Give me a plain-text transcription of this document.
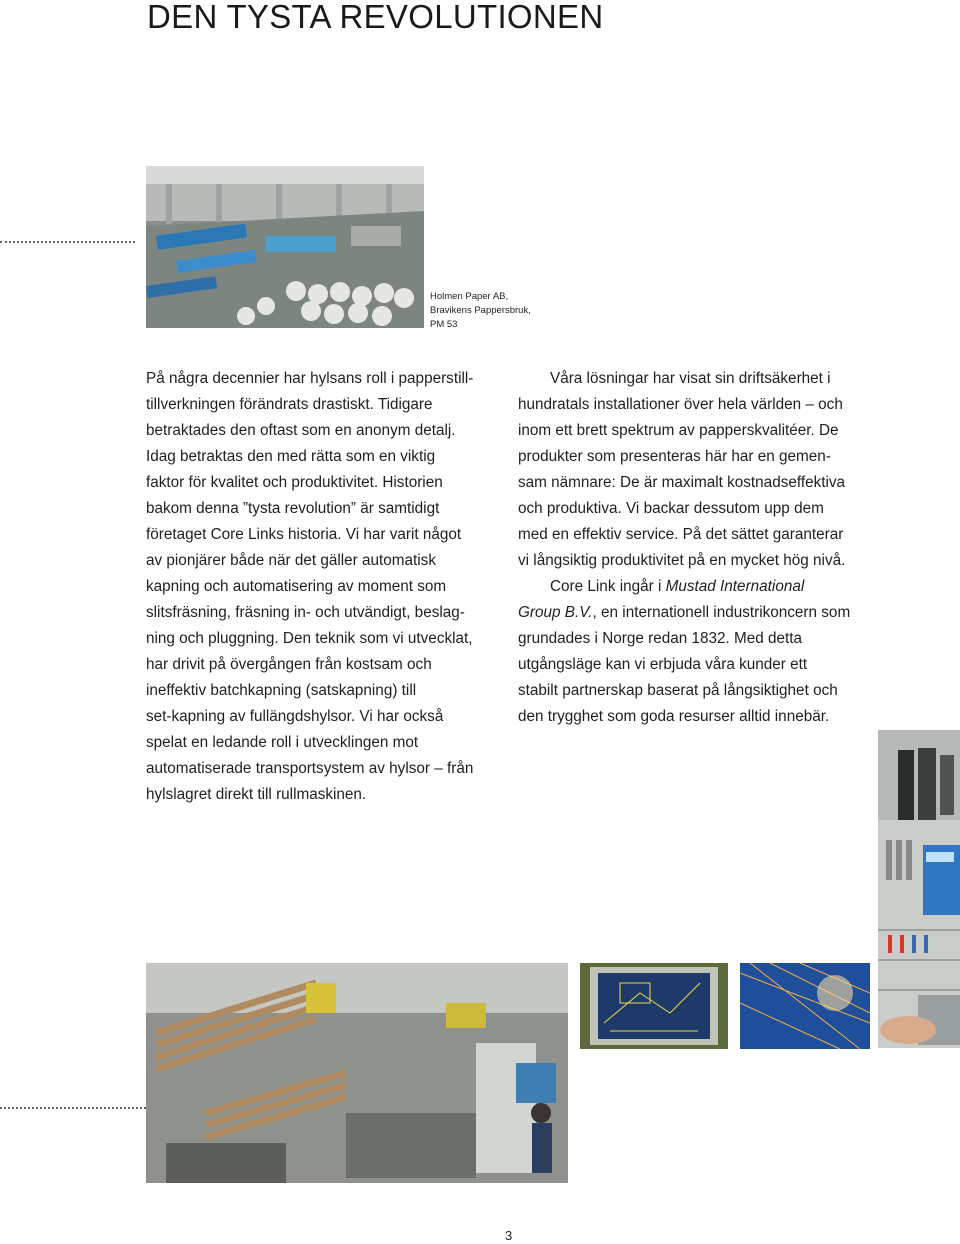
DEN TYSTA REVOLUTIONEN
Holmen Paper AB,
Bravikens Pappersbruk,
PM 53
På några decennier har hylsans roll i papperstill-
tillverkningen förändrats drastiskt. Tidigare
betraktades den oftast som en anonym detalj.
Idag betraktas den med rätta som en viktig
faktor för kvalitet och produktivitet. Historien
bakom denna ”tysta revolution” är samtidigt
företaget Core Links historia. Vi har varit något
av pionjärer både när det gäller automatisk
kapning och automatisering av moment som
slitsfräsning, fräsning in- och utvändigt, beslag-
ning och pluggning. Den teknik som vi utvecklat,
har drivit på övergången från kostsam och
ineffektiv batchkapning (satskapning) till
set-kapning av fullängdshylsor. Vi har också
spelat en ledande roll i utvecklingen mot
automatiserade transportsystem av hylsor – från
hylslagret direkt till rullmaskinen.
Våra lösningar har visat sin driftsäkerhet i
hundratals installationer över hela världen – och
inom ett brett spektrum av papperskvalitéer. De
produkter som presenteras här har en gemen-
sam nämnare: De är maximalt kostnadseffektiva
och produktiva. Vi backar dessutom upp dem
med en effektiv service. På det sättet garanterar
vi långsiktig produktivitet på en mycket hög nivå.
Core Link ingår i Mustad International
Group B.V., en internationell industrikoncern som
grundades i Norge redan 1832. Med detta
utgångsläge kan vi erbjuda våra kunder ett
stabilt partnerskap baserat på långsiktighet och
den trygghet som goda resurser alltid innebär.
3
